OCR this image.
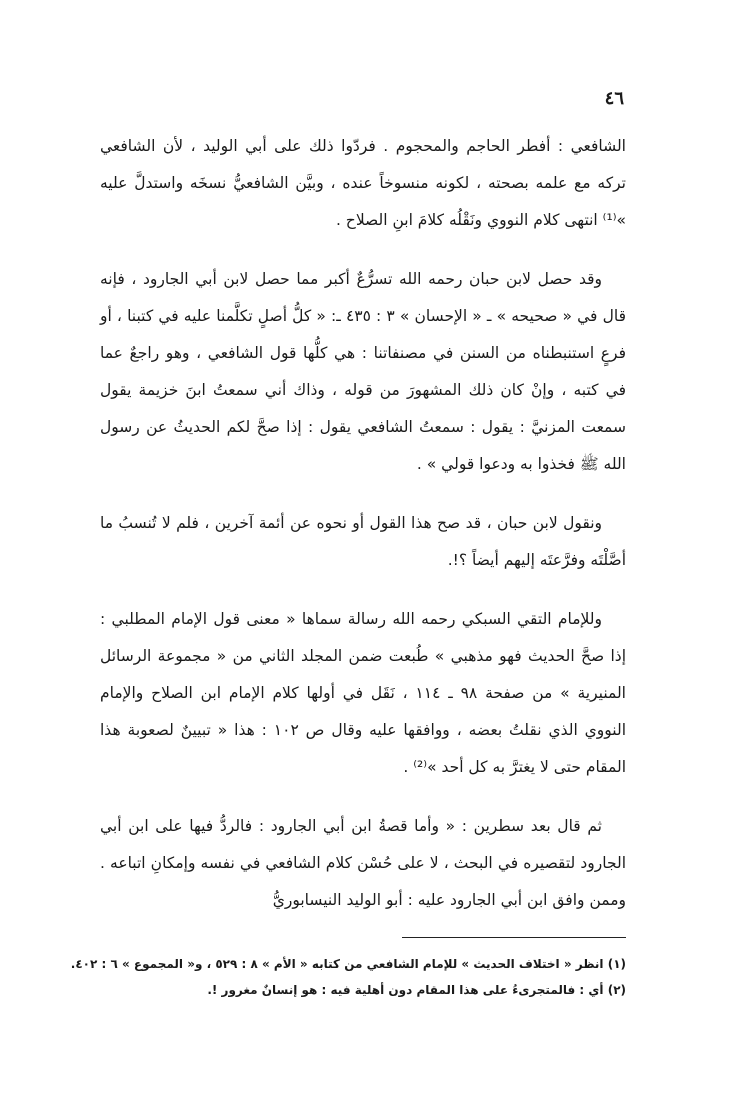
٤٦

الشافعي : أفطر الحاجم والمحجوم . فردّوا ذلك على أبي الوليد ، لأن الشافعي تركه مع علمه بصحته ، لكونه منسوخاً عنده ، وبيَّن الشافعيُّ نسخَه واستدلَّ عليه »⁽¹⁾ انتهى كلام النووي ونَقْلُه كلامَ ابنِ الصلاح .

وقد حصل لابن حبان رحمه الله تسرُّعٌ أكبر مما حصل لابن أبي الجارود ، فإنه قال في « صحيحه » ـ « الإحسان » ٣ : ٤٣٥ ـ: « كلُّ أصلٍ تكلَّمنا عليه في كتبنا ، أو فرعٍ استنبطناه من السنن في مصنفاتنا : هي كلُّها قول الشافعي ، وهو راجعٌ عما في كتبه ، وإنْ كان ذلك المشهورَ من قوله ، وذاك أني سمعتُ ابنَ خزيمة يقول سمعت المزنيَّ : يقول : سمعتُ الشافعي يقول : إذا صحَّ لكم الحديثُ عن رسول الله ﷺ فخذوا به ودعوا قولي » .

ونقول لابن حبان ، قد صح هذا القول أو نحوه عن أئمة آخرين ، فلم لا تُنسبُ ما أصَّلْتَه وفرَّعتَه إليهم أيضاً ؟!.

وللإمام التقي السبكي رحمه الله رسالة سماها « معنى قول الإمام المطلبي : إذا صحَّ الحديث فهو مذهبي » طُبعت ضمن المجلد الثاني من « مجموعة الرسائل المنيرية » من صفحة ٩٨ ـ ١١٤ ، نَقَل في أولها كلام الإمام ابن الصلاح والإمام النووي الذي نقلتُ بعضه ، ووافقها عليه وقال ص ١٠٢ : هذا « تبيينٌ لصعوبة هذا المقام حتى لا يغترَّ به كل أحد »⁽²⁾ .

ثم قال بعد سطرين : « وأما قصةُ ابن أبي الجارود : فالردُّ فيها على ابن أبي الجارود لتقصيره في البحث ، لا على حُسْن كلام الشافعي في نفسه وإمكانِ اتباعه . وممن وافق ابن أبي الجارود عليه : أبو الوليد النيسابوريُّ

(١) انظر « اختلاف الحديث » للإمام الشافعي من كتابه « الأم » ٨ : ٥٢٩ ، و« المجموع » ٦ : ٤٠٢.

(٢) أي : فالمتجرىءُ على هذا المقام دون أهلية فيه : هو إنسانٌ مغرور !.
